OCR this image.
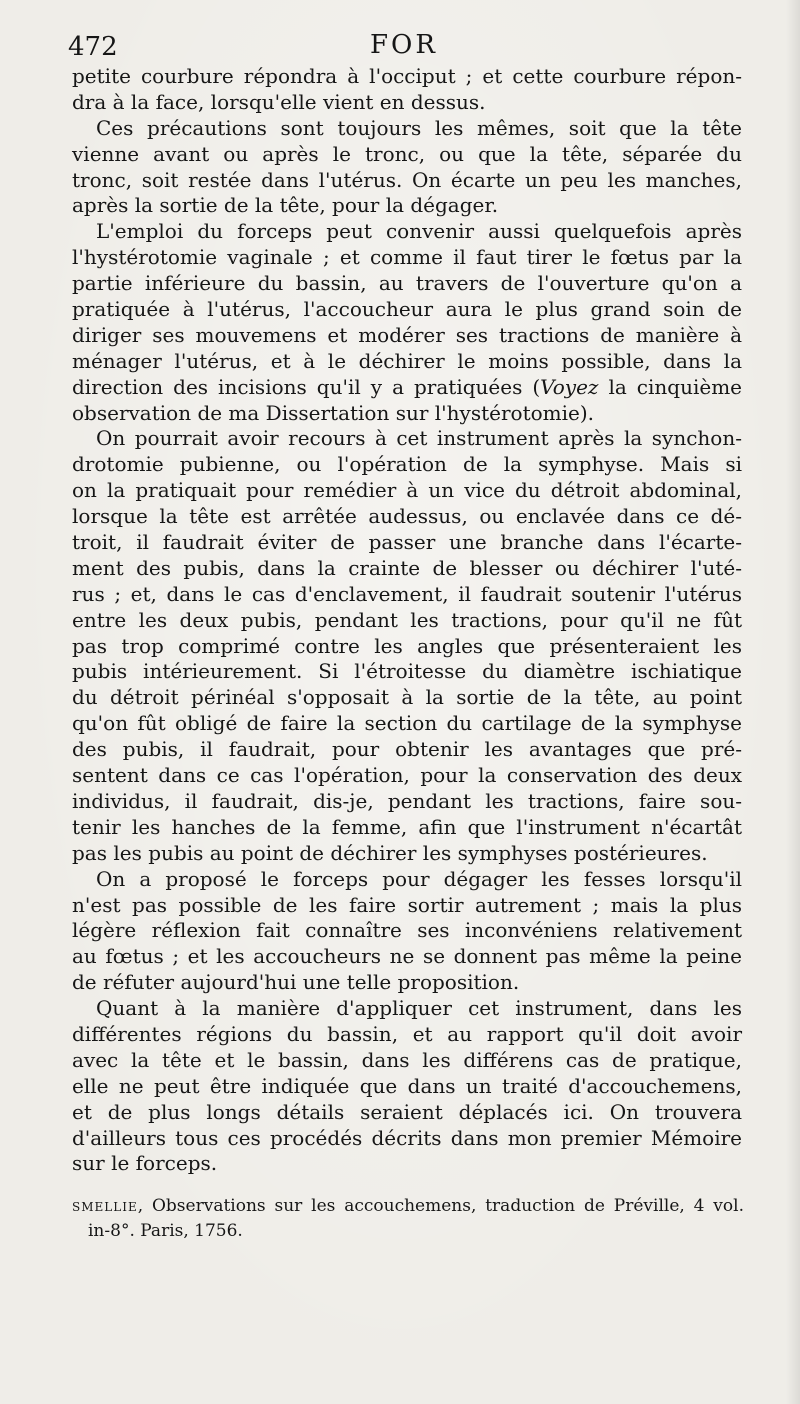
472	FOR
petite courbure répondra à l'occiput ; et cette courbure répon-
dra à la face, lorsqu'elle vient en dessus.
Ces précautions sont toujours les mêmes, soit que la tête
vienne avant ou après le tronc, ou que la tête, séparée du
tronc, soit restée dans l'utérus. On écarte un peu les manches,
après la sortie de la tête, pour la dégager.
L'emploi du forceps peut convenir aussi quelquefois après
l'hystérotomie vaginale ; et comme il faut tirer le fœtus par la
partie inférieure du bassin, au travers de l'ouverture qu'on a
pratiquée à l'utérus, l'accoucheur aura le plus grand soin de
diriger ses mouvemens et modérer ses tractions de manière à
ménager l'utérus, et à le déchirer le moins possible, dans la
direction des incisions qu'il y a pratiquées (Voyez la cinquième
observation de ma Dissertation sur l'hystérotomie).
On pourrait avoir recours à cet instrument après la synchon-
drotomie pubienne, ou l'opération de la symphyse. Mais si
on la pratiquait pour remédier à un vice du détroit abdominal,
lorsque la tête est arrêtée audessus, ou enclavée dans ce dé-
troit, il faudrait éviter de passer une branche dans l'écarte-
ment des pubis, dans la crainte de blesser ou déchirer l'uté-
rus ; et, dans le cas d'enclavement, il faudrait soutenir l'utérus
entre les deux pubis, pendant les tractions, pour qu'il ne fût
pas trop comprimé contre les angles que présenteraient les
pubis intérieurement. Si l'étroitesse du diamètre ischiatique
du détroit périnéal s'opposait à la sortie de la tête, au point
qu'on fût obligé de faire la section du cartilage de la symphyse
des pubis, il faudrait, pour obtenir les avantages que pré-
sentent dans ce cas l'opération, pour la conservation des deux
individus, il faudrait, dis-je, pendant les tractions, faire sou-
tenir les hanches de la femme, afin que l'instrument n'écartât
pas les pubis au point de déchirer les symphyses postérieures.
On a proposé le forceps pour dégager les fesses lorsqu'il
n'est pas possible de les faire sortir autrement ; mais la plus
légère réflexion fait connaître ses inconvéniens relativement
au fœtus ; et les accoucheurs ne se donnent pas même la peine
de réfuter aujourd'hui une telle proposition.
Quant à la manière d'appliquer cet instrument, dans les
différentes régions du bassin, et au rapport qu'il doit avoir
avec la tête et le bassin, dans les différens cas de pratique,
elle ne peut être indiquée que dans un traité d'accouchemens,
et de plus longs détails seraient déplacés ici. On trouvera
d'ailleurs tous ces procédés décrits dans mon premier Mémoire
sur le forceps.
smellie, Observations sur les accouchemens, traduction de Préville, 4 vol.
in-8°. Paris, 1756.
